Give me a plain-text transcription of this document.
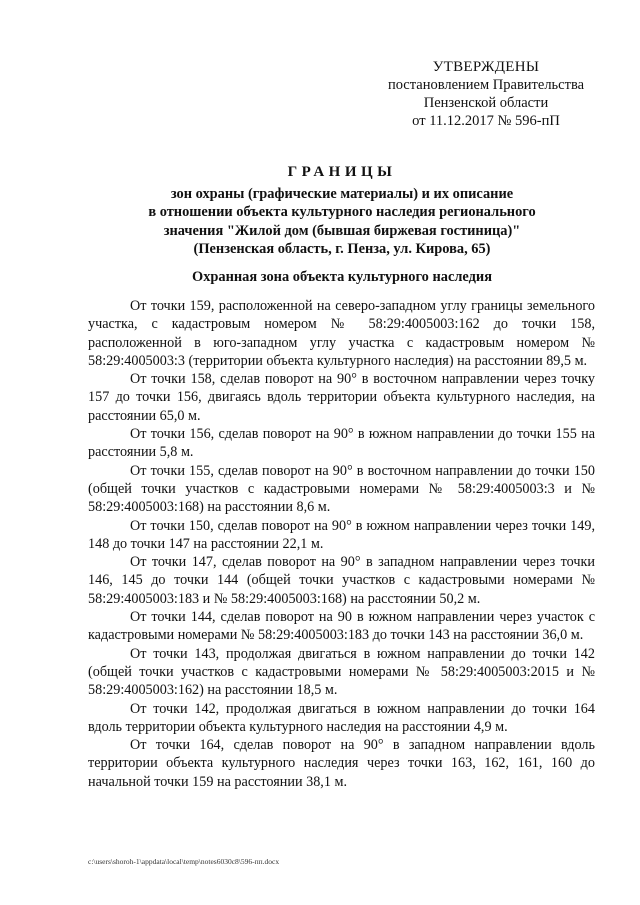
УТВЕРЖДЕНЫ
постановлением Правительства
Пензенской области
от 11.12.2017 № 596-пП
ГРАНИЦЫ
зон охраны (графические материалы) и их описание
в отношении объекта культурного наследия регионального
значения "Жилой дом (бывшая биржевая гостиница)"
(Пензенская область, г. Пенза, ул. Кирова, 65)
Охранная зона объекта культурного наследия

От точки 159, расположенной на северо-западном углу границы земельного участка, с кадастровым номером № 58:29:4005003:162 до точки 158, расположенной в юго-западном углу участка с кадастровым номером № 58:29:4005003:3 (территории объекта культурного наследия) на расстоянии 89,5 м.

От точки 158, сделав поворот на 90° в восточном направлении через точку 157 до точки 156, двигаясь вдоль территории объекта культурного наследия, на расстоянии 65,0 м.

От точки 156, сделав поворот на 90° в южном направлении до точки 155 на расстоянии 5,8 м.

От точки 155, сделав поворот на 90° в восточном направлении до точки 150 (общей точки участков с кадастровыми номерами № 58:29:4005003:3 и № 58:29:4005003:168) на расстоянии 8,6 м.

От точки 150, сделав поворот на 90° в южном направлении через точки 149, 148 до точки 147 на расстоянии 22,1 м.

От точки 147, сделав поворот на 90° в западном направлении через точки 146, 145 до точки 144 (общей точки участков с кадастровыми номерами № 58:29:4005003:183 и № 58:29:4005003:168) на расстоянии 50,2 м.

От точки 144, сделав поворот на 90 в южном направлении через участок с кадастровыми номерами № 58:29:4005003:183 до точки 143 на расстоянии 36,0 м.

От точки 143, продолжая двигаться в южном направлении до точки 142 (общей точки участков с кадастровыми номерами № 58:29:4005003:2015 и № 58:29:4005003:162) на расстоянии 18,5 м.

От точки 142, продолжая двигаться в южном направлении до точки 164 вдоль территории объекта культурного наследия на расстоянии 4,9 м.

От точки 164, сделав поворот на 90° в западном направлении вдоль территории объекта культурного наследия через точки 163, 162, 161, 160 до начальной точки 159 на расстоянии 38,1 м.

c:\users\shoroh-1\appdata\local\temp\notes6030c8\596-пп.docx
